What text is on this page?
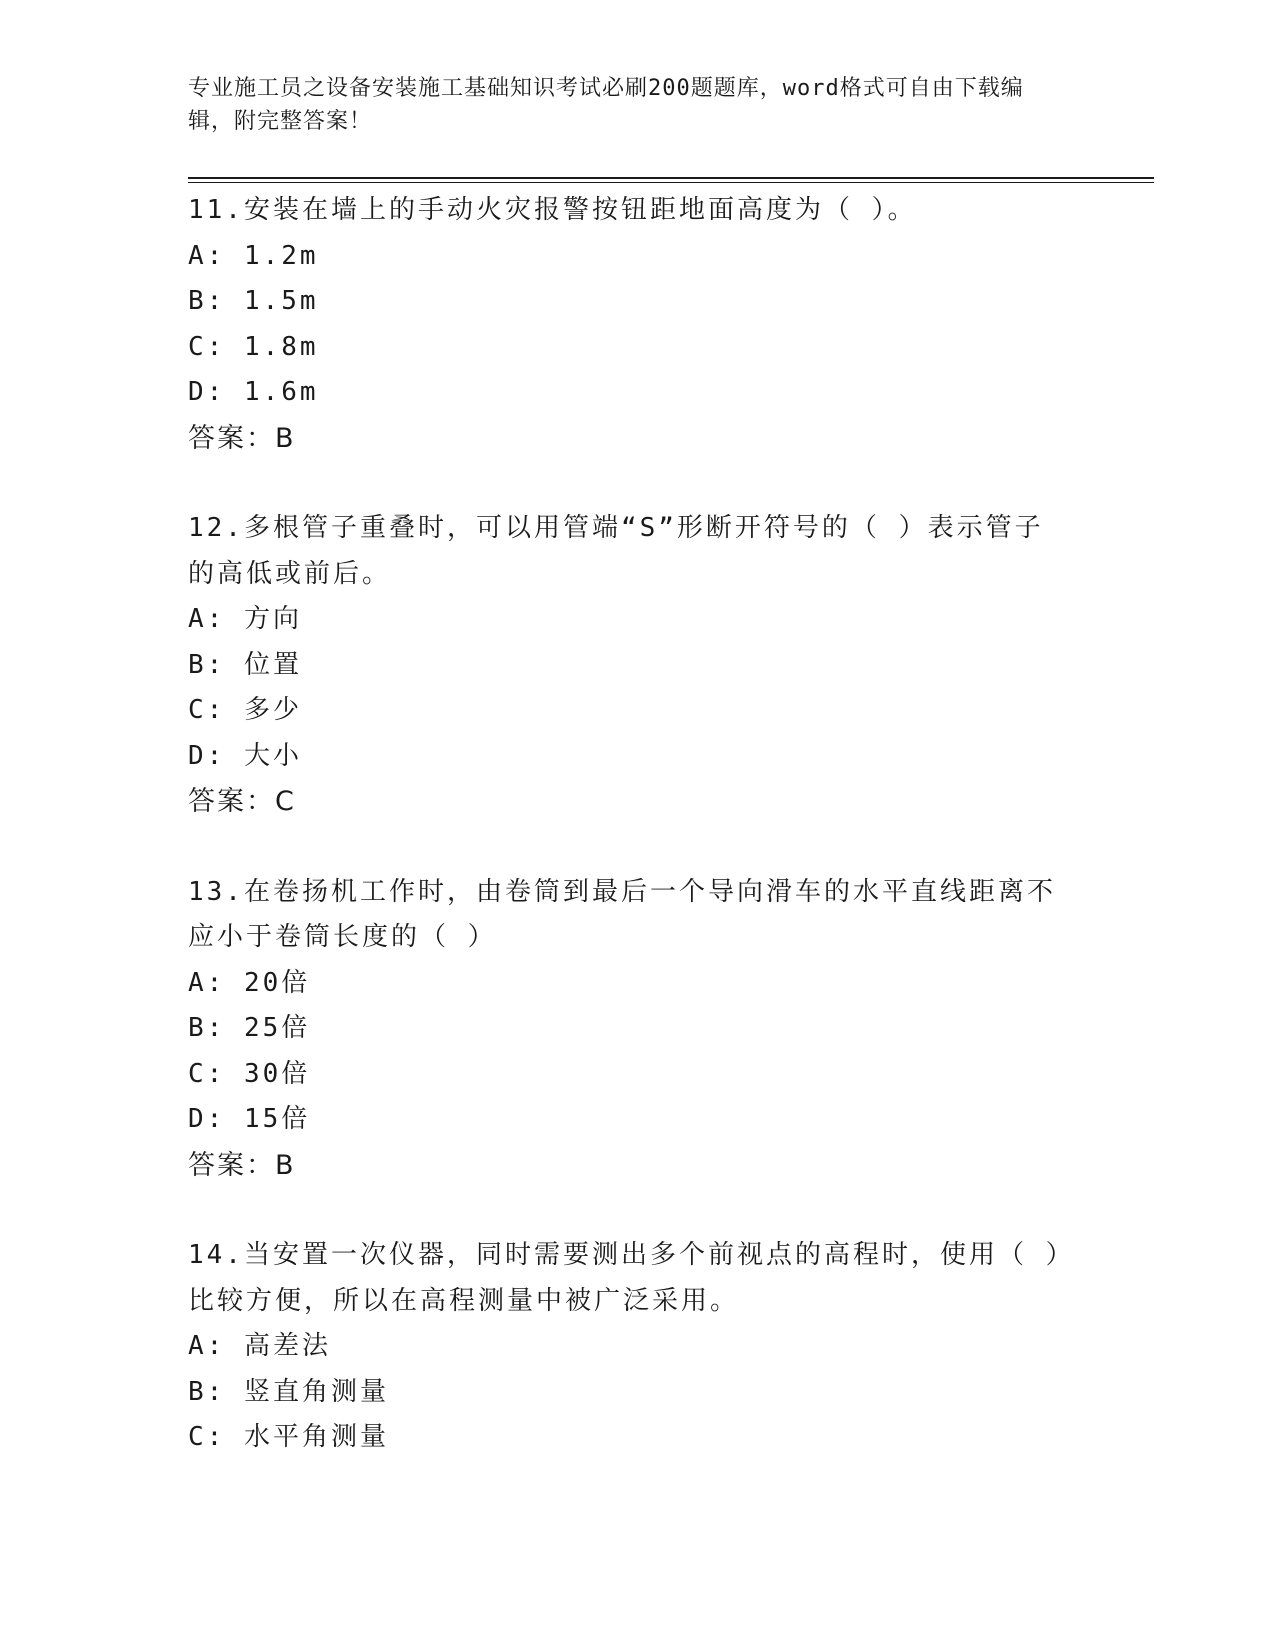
专业施工员之设备安装施工基础知识考试必刷200题题库，word格式可自由下载编辑，附完整答案！
11.安装在墙上的手动火灾报警按钮距地面高度为（ ）。
A: 1.2m
B: 1.5m
C: 1.8m
D: 1.6m
答案：B
12.多根管子重叠时，可以用管端“S”形断开符号的（ ）表示管子的高低或前后。
A: 方向
B: 位置
C: 多少
D: 大小
答案：C
13.在卷扬机工作时，由卷筒到最后一个导向滑车的水平直线距离不应小于卷筒长度的（ ）
A: 20倍
B: 25倍
C: 30倍
D: 15倍
答案：B
14.当安置一次仪器，同时需要测出多个前视点的高程时，使用（ ）比较方便，所以在高程测量中被广泛采用。
A: 高差法
B: 竖直角测量
C: 水平角测量
